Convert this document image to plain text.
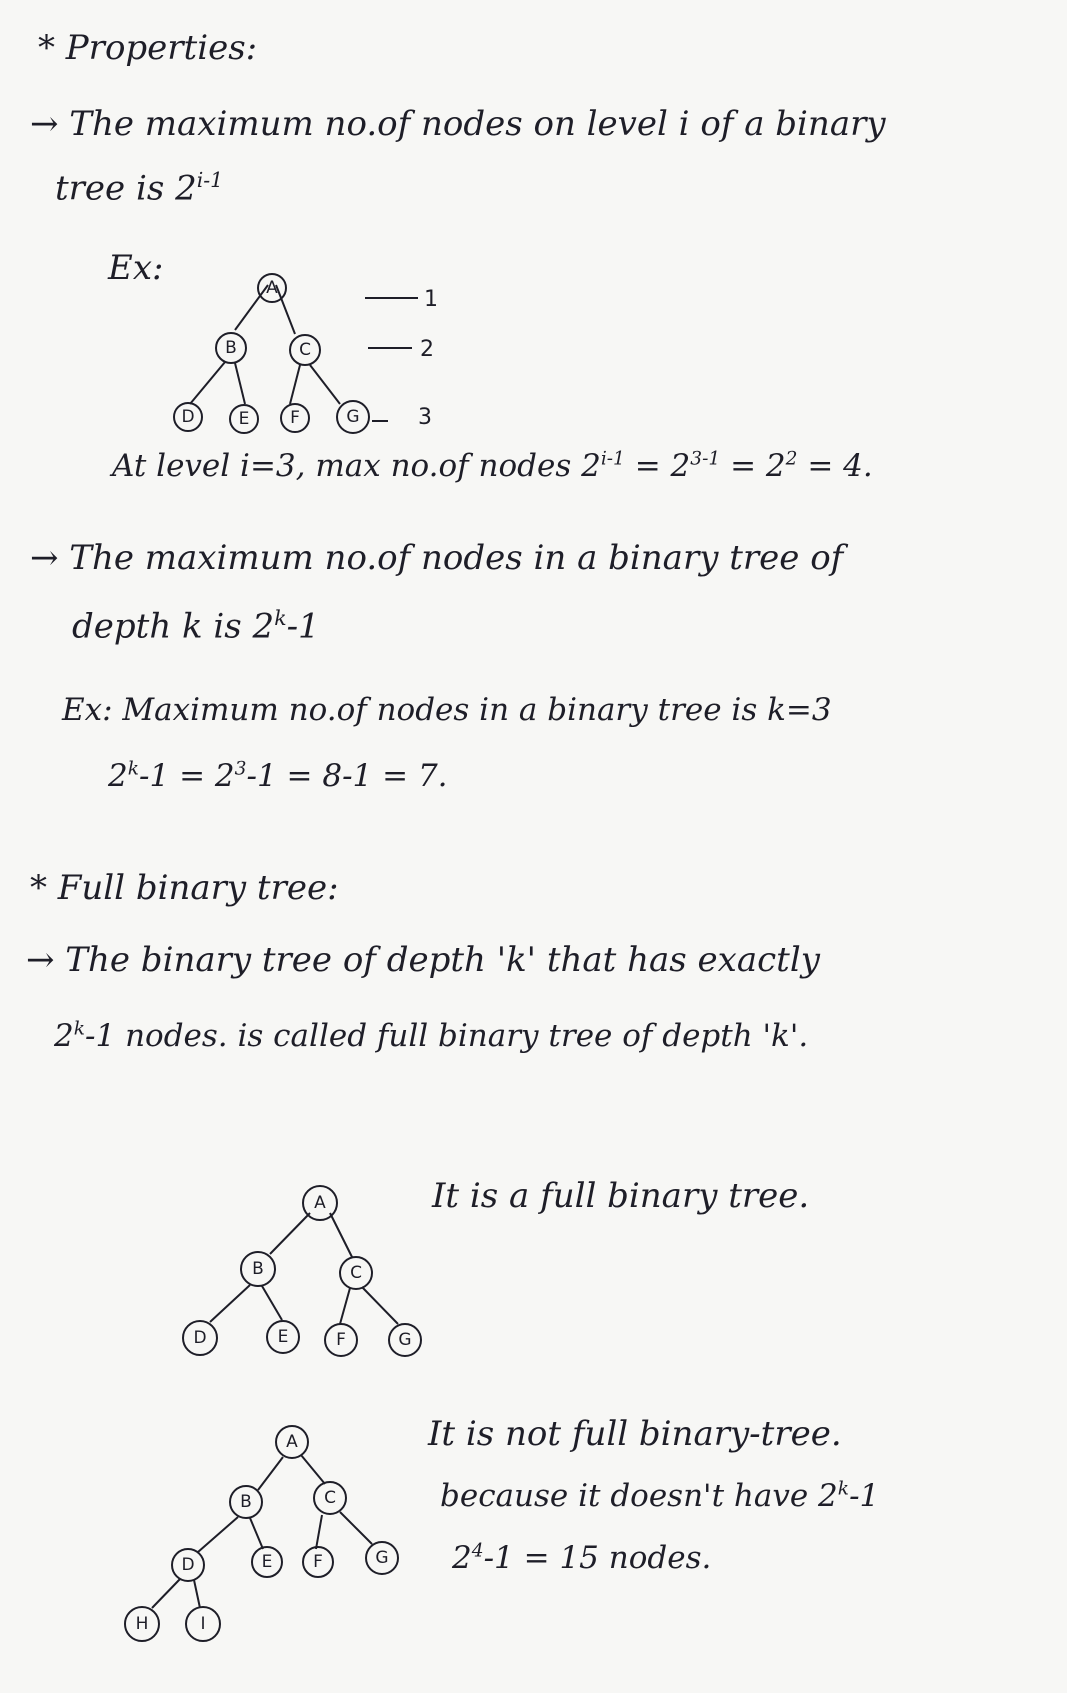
* Properties:
→ The maximum no.of nodes on level i of a binary
tree is 2$^{i-1}$
Ex:
At level i=3, max no.of nodes $2^{i-1} = 2^{3-1} = 2^2 = 4$.
→ The maximum no.of nodes in a binary tree of
depth k is 2$^k$-1
Ex: Maximum no.of nodes in a binary tree is k=3
$2^k-1 = 2^3-1 = 8-1 = 7$.
* Full binary tree:
→ The binary tree of depth 'k' that has exactly
2$^k$-1 nodes. is called full binary tree of depth 'k'.
It is a full binary tree.
It is not full binary-tree.
because it doesn't have 2$^k$-1
$2^4-1 = 15$ nodes.
A
B	C
D	E F	G
1
2
3
A
B	C
D	E	F	G
A
B	C
D	E F	G
H	I
